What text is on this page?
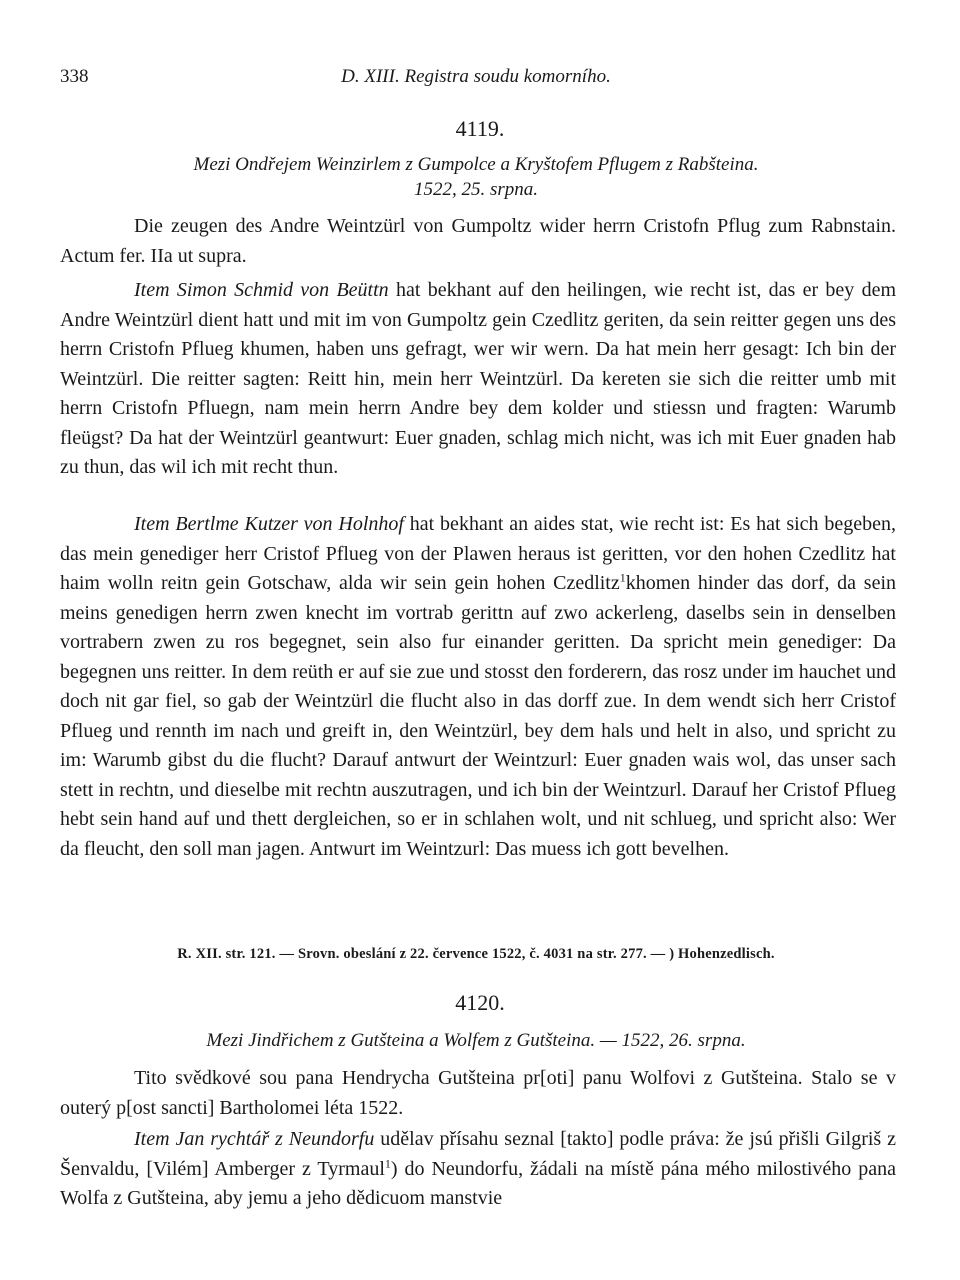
338	D. XIII. Registra soudu komorního.
4119.
Mezi Ondřejem Weinzirlem z Gumpolce a Kryštofem Pflugem z Rabšteina.
1522, 25. srpna.
Die zeugen des Andre Weintzürl von Gumpoltz wider herrn Cristofn Pflug zum Rabnstain. Actum fer. IIa ut supra.
Item Simon Schmid von Beüttn hat bekhant auf den heilingen, wie recht ist, das er bey dem Andre Weintzürl dient hatt und mit im von Gumpoltz gein Czedlitz geriten, da sein reitter gegen uns des herrn Cristofn Pflueg khumen, haben uns gefragt, wer wir wern. Da hat mein herr gesagt: Ich bin der Weintzürl. Die reitter sagten: Reitt hin, mein herr Weintzürl. Da kereten sie sich die reitter umb mit herrn Cristofn Pfluegn, nam mein herrn Andre bey dem kolder und stiessn und fragten: Warumb fleügst? Da hat der Weintzürl geantwurt: Euer gnaden, schlag mich nicht, was ich mit Euer gnaden hab zu thun, das wil ich mit recht thun.
Item Bertlme Kutzer von Holnhof hat bekhant an aides stat, wie recht ist: Es hat sich begeben, das mein genediger herr Cristof Pflueg von der Plawen heraus ist geritten, vor den hohen Czedlitz hat haim wolln reitn gein Gotschaw, alda wir sein gein hohen Czedlitz$^1$khomen hinder das dorf, da sein meins genedigen herrn zwen knecht im vortrab gerittn auf zwo ackerleng, daselbs sein in denselben vortrabern zwen zu ros begegnet, sein also fur einander geritten. Da spricht mein genediger: Da begegnen uns reitter. In dem reüth er auf sie zue und stosst den forderern, das rosz under im hauchet und doch nit gar fiel, so gab der Weintzürl die flucht also in das dorff zue. In dem wendt sich herr Cristof Pflueg und rennth im nach und greift in, den Weintzürl, bey dem hals und helt in also, und spricht zu im: Warumb gibst du die flucht? Darauf antwurt der Weintzurl: Euer gnaden wais wol, das unser sach stett in rechtn, und dieselbe mit rechtn auszutragen, und ich bin der Weintzurl. Darauf her Cristof Pflueg hebt sein hand auf und thett dergleichen, so er in schlahen wolt, und nit schlueg, und spricht also: Wer da fleucht, den soll man jagen. Antwurt im Weintzurl: Das muess ich gott bevelhen.
R. XII. str. 121. — Srovn. obeslání z 22. července 1522, č. 4031 na str. 277. — ) Hohenzedlisch.
4120.
Mezi Jindřichem z Gutšteina a Wolfem z Gutšteina. — 1522, 26. srpna.
Tito svědkové sou pana Hendrycha Gutšteina pr[oti] panu Wolfovi z Gutšteina. Stalo se v outerý p[ost sancti] Bartholomei léta 1522.
Item Jan rychtář z Neundorfu udělav přísahu seznal [takto] podle práva: že jsú přišli Gilgriš z Šenvaldu, [Vilém] Amberger z Tyrmaul$^1$) do Neundorfu, žádali na místě pána mého milostivého pana Wolfa z Gutšteina, aby jemu a jeho dědicuom manstvie
